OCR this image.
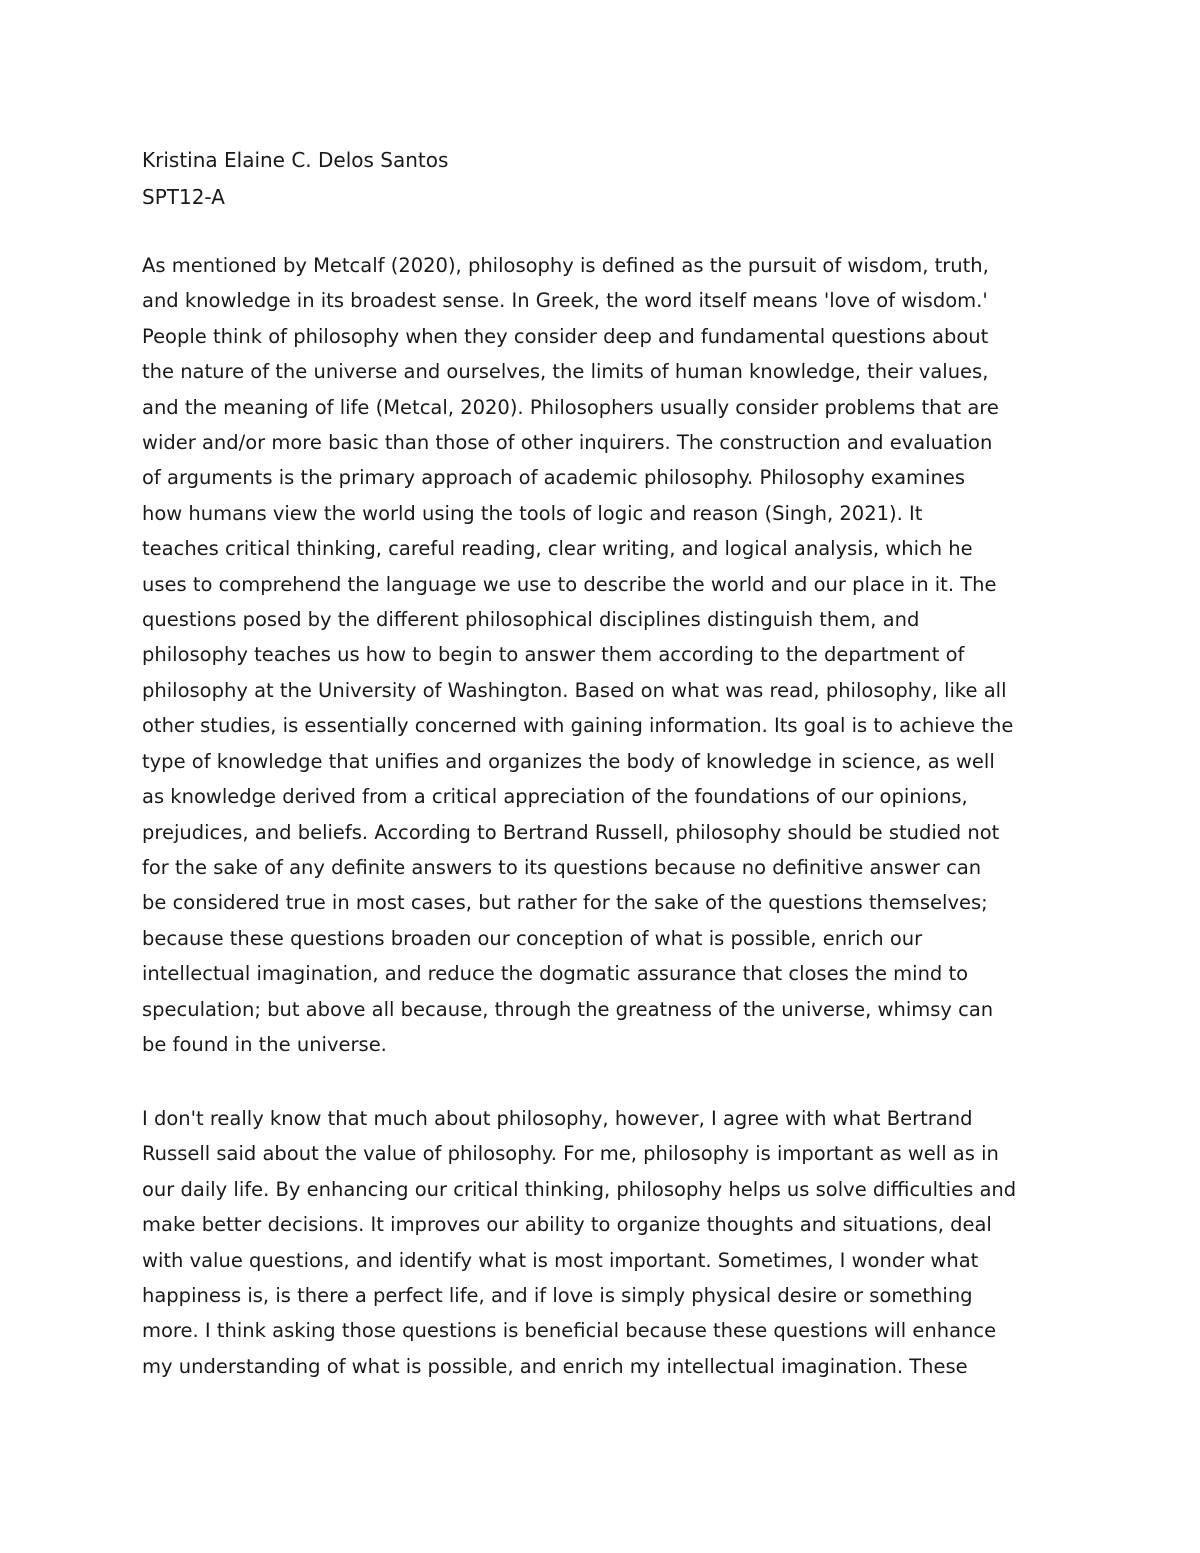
Kristina Elaine C. Delos Santos
SPT12-A
As mentioned by Metcalf (2020), philosophy is defined as the pursuit of wisdom, truth,
and knowledge in its broadest sense. In Greek, the word itself means 'love of wisdom.'
People think of philosophy when they consider deep and fundamental questions about
the nature of the universe and ourselves, the limits of human knowledge, their values,
and the meaning of life (Metcal, 2020). Philosophers usually consider problems that are
wider and/or more basic than those of other inquirers. The construction and evaluation
of arguments is the primary approach of academic philosophy. Philosophy examines
how humans view the world using the tools of logic and reason (Singh, 2021). It
teaches critical thinking, careful reading, clear writing, and logical analysis, which he
uses to comprehend the language we use to describe the world and our place in it. The
questions posed by the different philosophical disciplines distinguish them, and
philosophy teaches us how to begin to answer them according to the department of
philosophy at the University of Washington. Based on what was read, philosophy, like all
other studies, is essentially concerned with gaining information. Its goal is to achieve the
type of knowledge that unifies and organizes the body of knowledge in science, as well
as knowledge derived from a critical appreciation of the foundations of our opinions,
prejudices, and beliefs. According to Bertrand Russell, philosophy should be studied not
for the sake of any definite answers to its questions because no definitive answer can
be considered true in most cases, but rather for the sake of the questions themselves;
because these questions broaden our conception of what is possible, enrich our
intellectual imagination, and reduce the dogmatic assurance that closes the mind to
speculation; but above all because, through the greatness of the universe, whimsy can
be found in the universe.
I don't really know that much about philosophy, however, I agree with what Bertrand
Russell said about the value of philosophy. For me, philosophy is important as well as in
our daily life. By enhancing our critical thinking, philosophy helps us solve difficulties and
make better decisions. It improves our ability to organize thoughts and situations, deal
with value questions, and identify what is most important. Sometimes, I wonder what
happiness is, is there a perfect life, and if love is simply physical desire or something
more. I think asking those questions is beneficial because these questions will enhance
my understanding of what is possible, and enrich my intellectual imagination. These
